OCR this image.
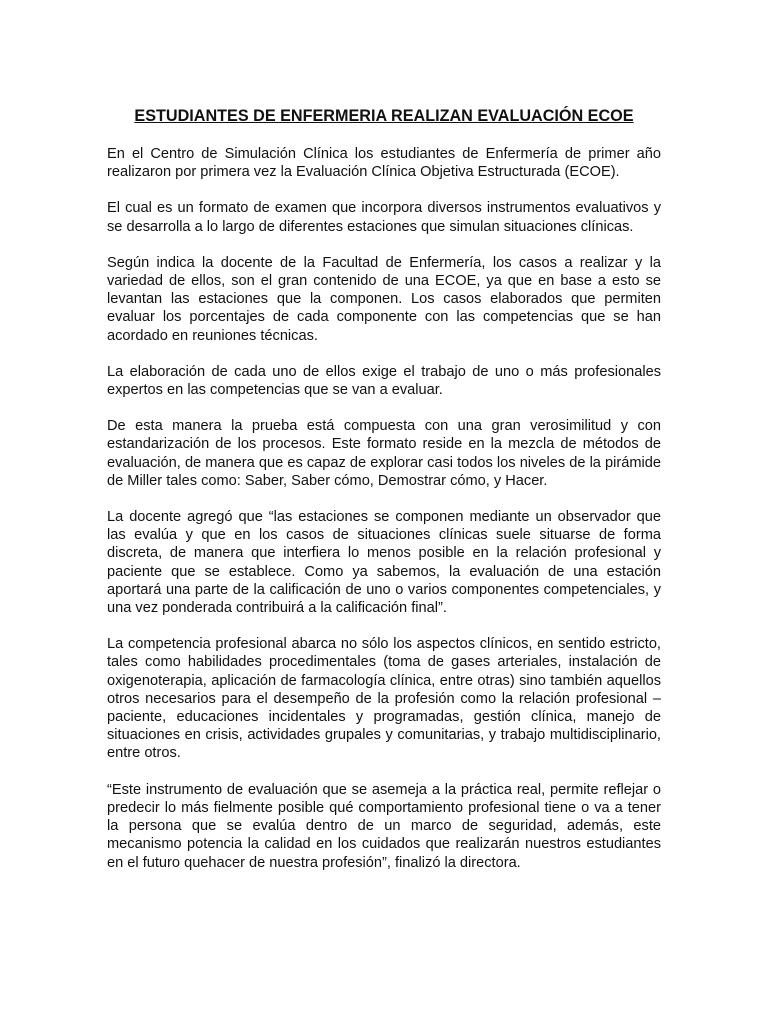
ESTUDIANTES DE ENFERMERIA REALIZAN EVALUACIÓN ECOE

En el Centro de Simulación Clínica los estudiantes de Enfermería de primer año realizaron por primera vez la Evaluación Clínica Objetiva Estructurada (ECOE).

El cual es un formato de examen que incorpora diversos instrumentos evaluativos y se desarrolla a lo largo de diferentes estaciones que simulan situaciones clínicas.

Según indica la docente de la Facultad de Enfermería, los casos a realizar y la variedad de ellos, son el gran contenido de una ECOE, ya que en base a esto se levantan las estaciones que la componen. Los casos elaborados que permiten evaluar los porcentajes de cada componente con las competencias que se han acordado en reuniones técnicas.

La elaboración de cada uno de ellos exige el trabajo de uno o más profesionales expertos en las competencias que se van a evaluar.

De esta manera la prueba está compuesta con una gran verosimilitud y con estandarización de los procesos. Este formato reside en la mezcla de métodos de evaluación, de manera que es capaz de explorar casi todos los niveles de la pirámide de Miller tales como: Saber, Saber cómo, Demostrar cómo, y Hacer.

La docente agregó que “las estaciones se componen mediante un observador que las evalúa y que en los casos de situaciones clínicas suele situarse de forma discreta, de manera que interfiera lo menos posible en la relación profesional y paciente que se establece. Como ya sabemos, la evaluación de una estación aportará una parte de la calificación de uno o varios componentes competenciales, y una vez ponderada contribuirá a la calificación final”.

La competencia profesional abarca no sólo los aspectos clínicos, en sentido estricto, tales como habilidades procedimentales (toma de gases arteriales, instalación de oxigenoterapia, aplicación de farmacología clínica, entre otras) sino también aquellos otros necesarios para el desempeño de la profesión como la relación profesional – paciente, educaciones incidentales y programadas, gestión clínica, manejo de situaciones en crisis, actividades grupales y comunitarias, y trabajo multidisciplinario, entre otros.

“Este instrumento de evaluación que se asemeja a la práctica real, permite reflejar o predecir lo más fielmente posible qué comportamiento profesional tiene o va a tener la persona que se evalúa dentro de un marco de seguridad, además, este mecanismo potencia la calidad en los cuidados que realizarán nuestros estudiantes en el futuro quehacer de nuestra profesión”, finalizó la directora.
